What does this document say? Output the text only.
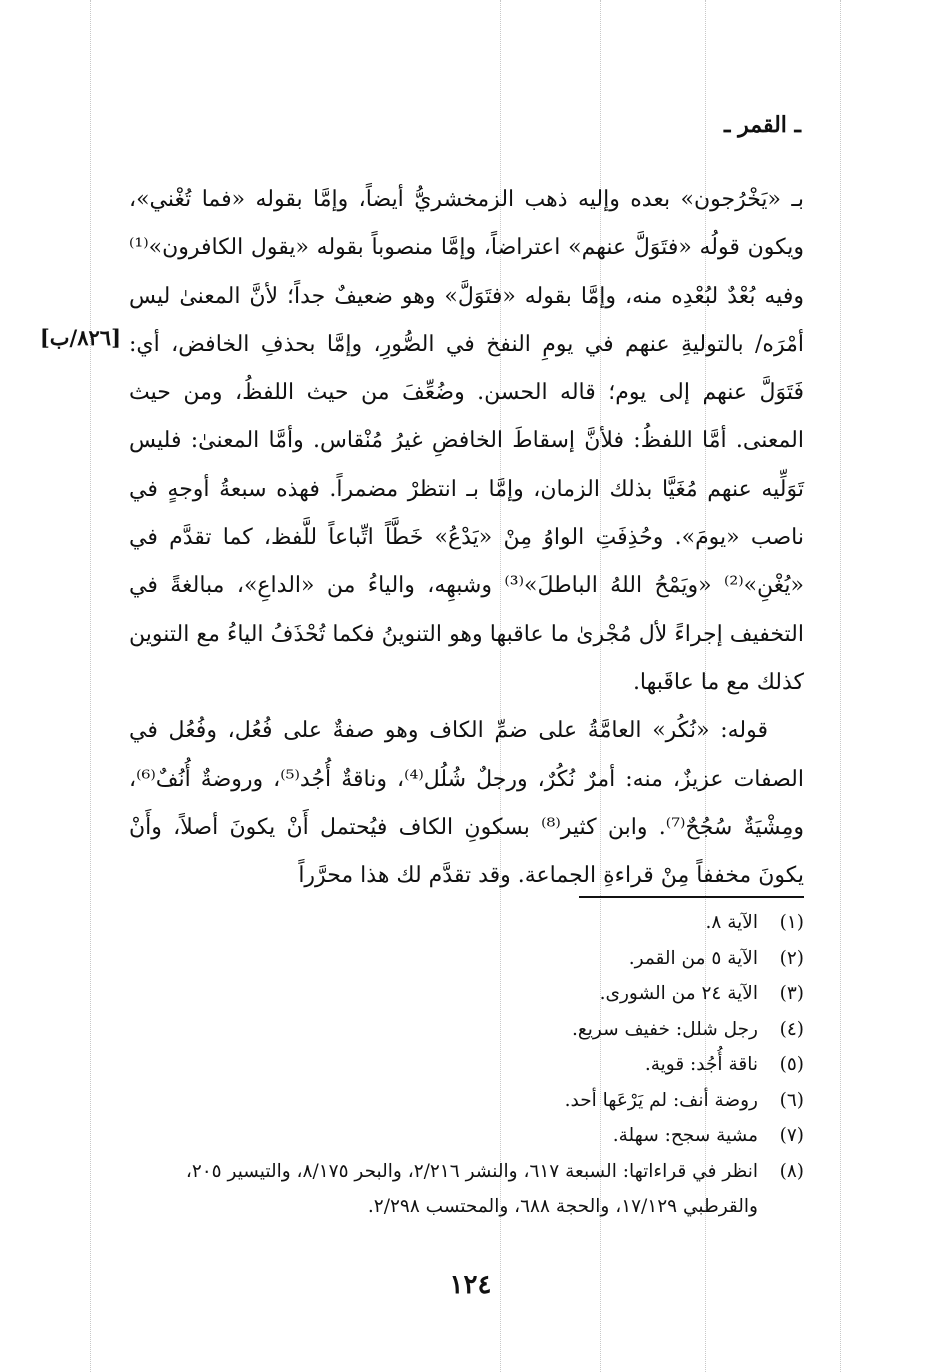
ـ القمر ـ
[٨٢٦/ب]

بـ «يَخْرُجون» بعده وإليه ذهب الزمخشريُّ أيضاً، وإمَّا بقوله «فما تُغْني»، ويكون قولُه «فتَوَلَّ عنهم» اعتراضاً، وإمَّا منصوباً بقوله «يقول الكافرون»⁽¹⁾ وفيه بُعْدٌ لبُعْدِه منه، وإمَّا بقوله «فتَوَلَّ» وهو ضعيفٌ جداً؛ لأنَّ المعنىٰ ليس أمْرَه/ بالتوليةِ عنهم في يومِ النفخ في الصُّورِ، وإمَّا بحذفِ الخافض، أي: فَتَوَلَّ عنهم إلى يوم؛ قاله الحسن. وضُعِّفَ من حيث اللفظُ، ومن حيث المعنى. أمَّا اللفظُ: فلأنَّ إسقاطَ الخافضِ غيرُ مُنْقاس. وأمَّا المعنىٰ: فليس تَوَلِّيه عنهم مُغَيَّا بذلك الزمان، وإمَّا بـ انتظرْ مضمراً. فهذه سبعةُ أوجهٍ في ناصب «يومَ». وحُذِفَتِ الواوُ مِنْ «يَدْعُ» خَطَّاً اتِّباعاً للَّفظ، كما تقدَّم في «يُغْنِ»⁽²⁾ «ويَمْحُ اللهُ الباطلَ»⁽³⁾ وشبهِه، والياءُ من «الداعِ»، مبالغةً في التخفيف إجراءً لأل مُجْرىٰ ما عاقبها وهو التنوينُ فكما تُحْذَفُ الياءُ مع التنوين كذلك مع ما عاقَبها.

قوله: «نُكُر» العامَّةُ على ضمِّ الكاف وهو صفةٌ على فُعُل، وفُعُل في الصفات عزيزٌ، منه: أمرٌ نُكُرٌ، ورجلٌ شُلُل⁽⁴⁾، وناقةٌ أُجُد⁽⁵⁾، وروضةٌ أُنُفٌ⁽⁶⁾، ومِشْيَةٌ سُجُحٌ⁽⁷⁾. وابن كثير⁽⁸⁾ بسكونِ الكاف فيُحتمل أَنْ يكونَ أصلاً، وأَنْ يكونَ مخففاً مِنْ قراءةِ الجماعة. وقد تقدَّم لك هذا محرَّراً

(١)
الآية ٨.
(٢)
الآية ٥ من القمر.
(٣)
الآية ٢٤ من الشورى.
(٤)
رجل شلل: خفيف سريع.
(٥)
ناقة أُجُد: قوية.
(٦)
روضة أنف: لم يَرْعَها أحد.
(٧)
مشية سجح: سهلة.
(٨)
انظر في قراءاتها: السبعة ٦١٧، والنشر ٢/٢١٦، والبحر ٨/١٧٥، والتيسير ٢٠٥، والقرطبي ١٧/١٢٩، والحجة ٦٨٨، والمحتسب ٢/٢٩٨.
١٢٤
